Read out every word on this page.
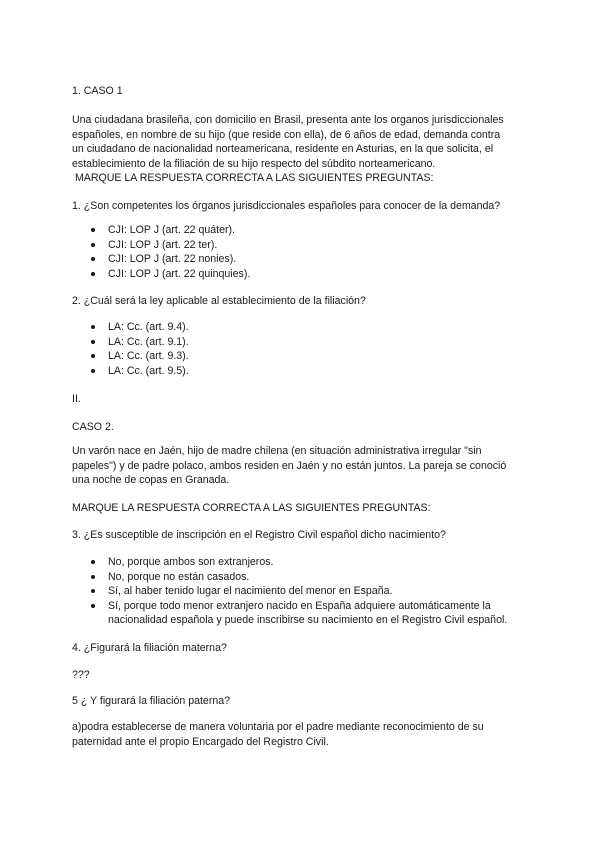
1. CASO 1

Una ciudadana brasileña, con domicilio en Brasil, presenta ante los organos jurisdiccionales
españoles, en nombre de su hijo (que reside con ella), de 6 años de edad, demanda contra
un ciudadano de nacionalidad norteamericana, residente en Asturias, en la que solicita, el
establecimiento de la filiación de su hijo respecto del súbdito norteamericano.
MARQUE LA RESPUESTA CORRECTA A LAS SIGUIENTES PREGUNTAS:

1. ¿Son competentes los órganos jurisdiccionales españoles para conocer de la demanda?

CJI: LOP J (art. 22 quáter).
CJI: LOP J (art. 22 ter).
CJI: LOP J (art. 22 nonies).
CJI: LOP J (art. 22 quinquies).

2. ¿Cuál será la ley aplicable al establecimiento de la filiación?

LA: Cc. (art. 9.4).
LA: Cc. (art. 9.1).
LA: Cc. (art. 9.3).
LA: Cc. (art. 9.5).

II.

CASO 2.

Un varón nace en Jaén, hijo de madre chilena (en situación administrativa irregular "sin
papeles") y de padre polaco, ambos residen en Jaén y no están juntos. La pareja se conoció
una noche de copas en Granada.

MARQUE LA RESPUESTA CORRECTA A LAS SIGUIENTES PREGUNTAS:

3. ¿Es susceptible de inscripción en el Registro Civil español dicho nacimiento?

No, porque ambos son extranjeros.
No, porque no están casados.
Sí, al haber tenido lugar el nacimiento del menor en España.
Sí, porque todo menor extranjero nacido en España adquiere automáticamente la nacionalidad española y puede inscribirse su nacimiento en el Registro Civil español.

4. ¿Figurará la filiación materna?

???

5 ¿ Y figurará la filiación paterna?

a)podra establecerse de manera voluntaria por el padre mediante reconocimiento de su
paternidad ante el propio Encargado del Registro Civil.
